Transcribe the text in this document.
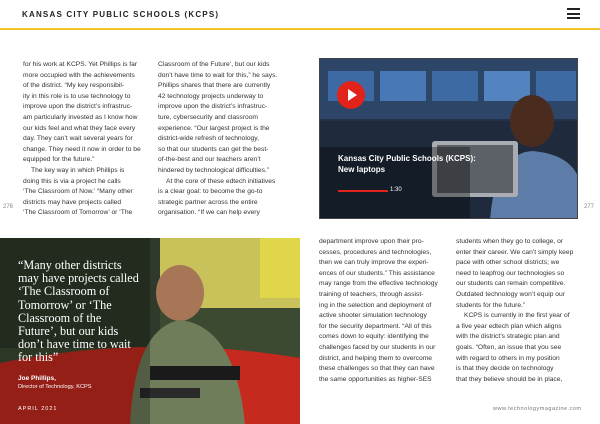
KANSAS CITY PUBLIC SCHOOLS (KCPS)

for his work at KCPS. Yet Phillips is far

more occupied with the achievements

of the district. “My key responsibil-

ity in this role is to use technology to

improve upon the district’s infrastruc-

am particularly invested as I know how

our kids feel and what they face every

day. They can’t wait several years for

change. They need it now in order to be

equipped for the future.”

The key way in which Phillips is

doing this is via a project he calls

‘The Classroom of Now.’ “Many other

districts may have projects called

‘The Classroom of Tomorrow’ or ‘The

Classroom of the Future’, but our kids

don’t have time to wait for this,” he says.

Phillips shares that there are currently

42 technology projects underway to

improve upon the district’s infrastruc-

ture, cybersecurity and classroom

experience. “Our largest project is the

district-wide refresh of technology,

so that our students can get the best-

of-the-best and our teachers aren’t

hindered by technological difficulties.”

At the core of these edtech initiatives

is a clear goal: to become the go-to

strategic partner across the entire

organisation. “If we can help every

276	277
Kansas City Public Schools (KCPS):
New laptops
1:30
“Many other districts may have projects called ‘The Classroom of Tomorrow’ or ‘The Classroom of the Future’, but our kids don’t have time to wait for this”
Joe Phillips,
Director of Technology, KCPS

department improve upon their pro-

cesses, procedures and technologies,

then we can truly improve the experi-

ences of our students.” This assistance

may range from the effective technology

training of teachers, through assist-

ing in the selection and deployment of

active shooter simulation technology

for the security department. “All of this

comes down to equity: identifying the

challenges faced by our students in our

district, and helping them to overcome

these challenges so that they can have

the same opportunities as higher-SES

students when they go to college, or

enter their career. We can’t simply keep

pace with other school districts; we

need to leapfrog our technologies so

our students can remain competitive.

Outdated technology won’t equip our

students for the future.”

KCPS is currently in the first year of

a five year edtech plan which aligns

with the district’s strategic plan and

goals. “Often, an issue that you see

with regard to others in my position

is that they decide on technology

that they believe should be in place,

APRIL 2021	www.technologymagazine.com
